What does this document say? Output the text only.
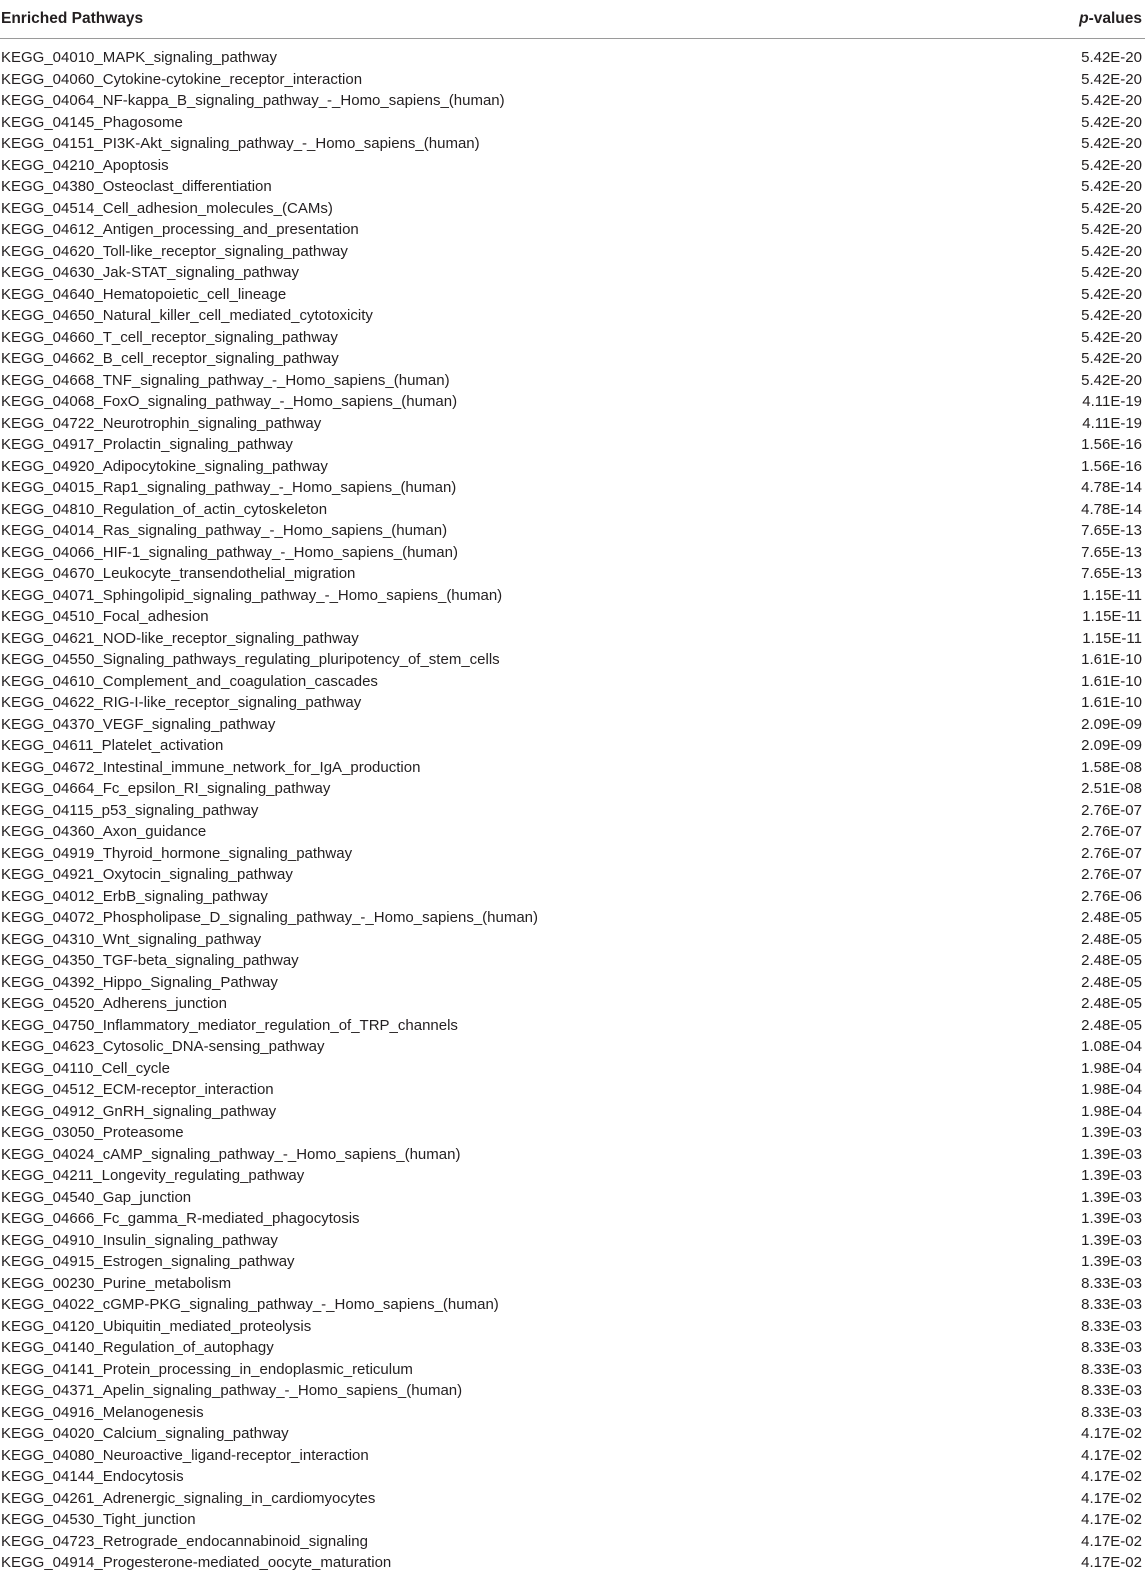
Enriched Pathways	p-values
KEGG_04010_MAPK_signaling_pathway	5.42E-20
KEGG_04060_Cytokine-cytokine_receptor_interaction	5.42E-20
KEGG_04064_NF-kappa_B_signaling_pathway_-_Homo_sapiens_(human)	5.42E-20
KEGG_04145_Phagosome	5.42E-20
KEGG_04151_PI3K-Akt_signaling_pathway_-_Homo_sapiens_(human)	5.42E-20
KEGG_04210_Apoptosis	5.42E-20
KEGG_04380_Osteoclast_differentiation	5.42E-20
KEGG_04514_Cell_adhesion_molecules_(CAMs)	5.42E-20
KEGG_04612_Antigen_processing_and_presentation	5.42E-20
KEGG_04620_Toll-like_receptor_signaling_pathway	5.42E-20
KEGG_04630_Jak-STAT_signaling_pathway	5.42E-20
KEGG_04640_Hematopoietic_cell_lineage	5.42E-20
KEGG_04650_Natural_killer_cell_mediated_cytotoxicity	5.42E-20
KEGG_04660_T_cell_receptor_signaling_pathway	5.42E-20
KEGG_04662_B_cell_receptor_signaling_pathway	5.42E-20
KEGG_04668_TNF_signaling_pathway_-_Homo_sapiens_(human)	5.42E-20
KEGG_04068_FoxO_signaling_pathway_-_Homo_sapiens_(human)	4.11E-19
KEGG_04722_Neurotrophin_signaling_pathway	4.11E-19
KEGG_04917_Prolactin_signaling_pathway	1.56E-16
KEGG_04920_Adipocytokine_signaling_pathway	1.56E-16
KEGG_04015_Rap1_signaling_pathway_-_Homo_sapiens_(human)	4.78E-14
KEGG_04810_Regulation_of_actin_cytoskeleton	4.78E-14
KEGG_04014_Ras_signaling_pathway_-_Homo_sapiens_(human)	7.65E-13
KEGG_04066_HIF-1_signaling_pathway_-_Homo_sapiens_(human)	7.65E-13
KEGG_04670_Leukocyte_transendothelial_migration	7.65E-13
KEGG_04071_Sphingolipid_signaling_pathway_-_Homo_sapiens_(human)	1.15E-11
KEGG_04510_Focal_adhesion	1.15E-11
KEGG_04621_NOD-like_receptor_signaling_pathway	1.15E-11
KEGG_04550_Signaling_pathways_regulating_pluripotency_of_stem_cells	1.61E-10
KEGG_04610_Complement_and_coagulation_cascades	1.61E-10
KEGG_04622_RIG-I-like_receptor_signaling_pathway	1.61E-10
KEGG_04370_VEGF_signaling_pathway	2.09E-09
KEGG_04611_Platelet_activation	2.09E-09
KEGG_04672_Intestinal_immune_network_for_IgA_production	1.58E-08
KEGG_04664_Fc_epsilon_RI_signaling_pathway	2.51E-08
KEGG_04115_p53_signaling_pathway	2.76E-07
KEGG_04360_Axon_guidance	2.76E-07
KEGG_04919_Thyroid_hormone_signaling_pathway	2.76E-07
KEGG_04921_Oxytocin_signaling_pathway	2.76E-07
KEGG_04012_ErbB_signaling_pathway	2.76E-06
KEGG_04072_Phospholipase_D_signaling_pathway_-_Homo_sapiens_(human)	2.48E-05
KEGG_04310_Wnt_signaling_pathway	2.48E-05
KEGG_04350_TGF-beta_signaling_pathway	2.48E-05
KEGG_04392_Hippo_Signaling_Pathway	2.48E-05
KEGG_04520_Adherens_junction	2.48E-05
KEGG_04750_Inflammatory_mediator_regulation_of_TRP_channels	2.48E-05
KEGG_04623_Cytosolic_DNA-sensing_pathway	1.08E-04
KEGG_04110_Cell_cycle	1.98E-04
KEGG_04512_ECM-receptor_interaction	1.98E-04
KEGG_04912_GnRH_signaling_pathway	1.98E-04
KEGG_03050_Proteasome	1.39E-03
KEGG_04024_cAMP_signaling_pathway_-_Homo_sapiens_(human)	1.39E-03
KEGG_04211_Longevity_regulating_pathway	1.39E-03
KEGG_04540_Gap_junction	1.39E-03
KEGG_04666_Fc_gamma_R-mediated_phagocytosis	1.39E-03
KEGG_04910_Insulin_signaling_pathway	1.39E-03
KEGG_04915_Estrogen_signaling_pathway	1.39E-03
KEGG_00230_Purine_metabolism	8.33E-03
KEGG_04022_cGMP-PKG_signaling_pathway_-_Homo_sapiens_(human)	8.33E-03
KEGG_04120_Ubiquitin_mediated_proteolysis	8.33E-03
KEGG_04140_Regulation_of_autophagy	8.33E-03
KEGG_04141_Protein_processing_in_endoplasmic_reticulum	8.33E-03
KEGG_04371_Apelin_signaling_pathway_-_Homo_sapiens_(human)	8.33E-03
KEGG_04916_Melanogenesis	8.33E-03
KEGG_04020_Calcium_signaling_pathway	4.17E-02
KEGG_04080_Neuroactive_ligand-receptor_interaction	4.17E-02
KEGG_04144_Endocytosis	4.17E-02
KEGG_04261_Adrenergic_signaling_in_cardiomyocytes	4.17E-02
KEGG_04530_Tight_junction	4.17E-02
KEGG_04723_Retrograde_endocannabinoid_signaling	4.17E-02
KEGG_04914_Progesterone-mediated_oocyte_maturation	4.17E-02
